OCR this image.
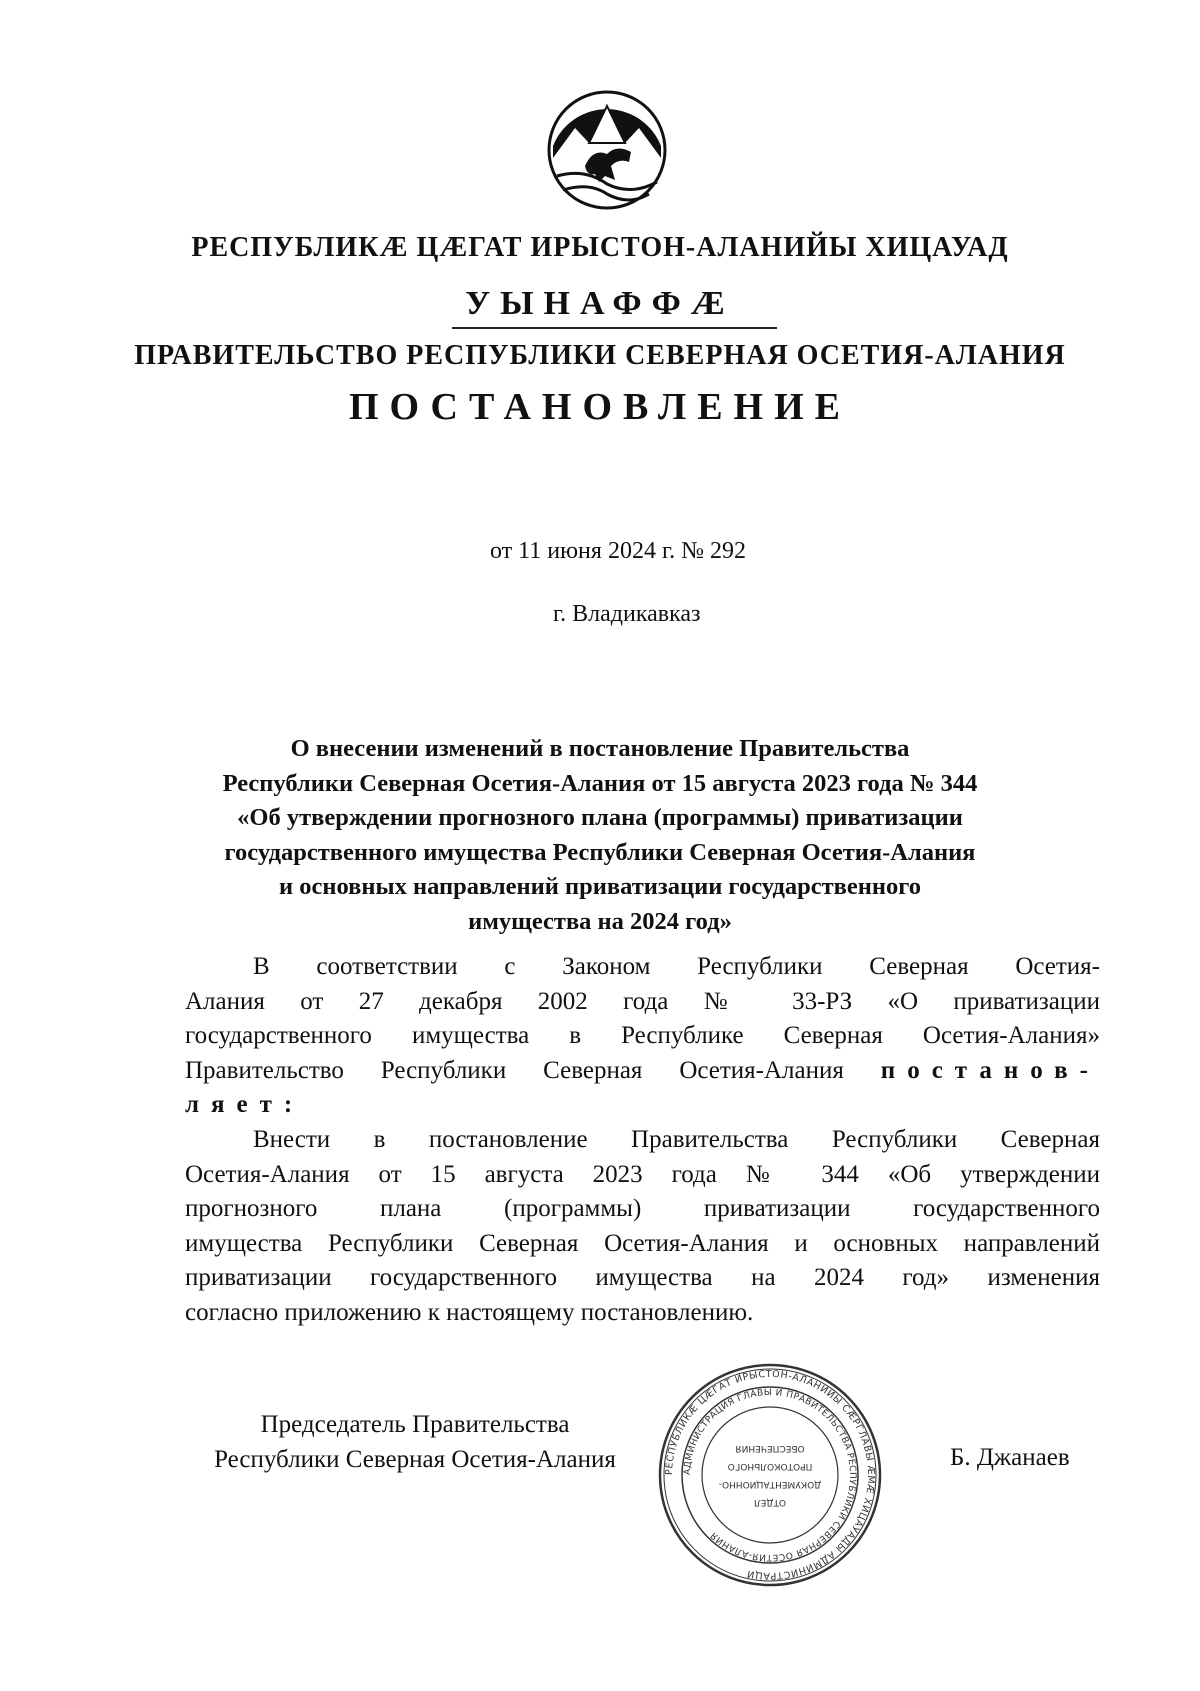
РЕСПУБЛИКӔ ЦӔГАТ ИРЫСТОН-АЛАНИЙЫ ХИЦАУАД
УЫНАФФӔ
ПРАВИТЕЛЬСТВО РЕСПУБЛИКИ СЕВЕРНАЯ ОСЕТИЯ-АЛАНИЯ
ПОСТАНОВЛЕНИЕ
от 11 июня 2024 г. № 292
г. Владикавказ
О внесении изменений в постановление Правительства
Республики Северная Осетия-Алания от 15 августа 2023 года № 344
«Об утверждении прогнозного плана (программы) приватизации
государственного имущества Республики Северная Осетия-Алания
и основных направлений приватизации государственного
имущества на 2024 год»
В соответствии с Законом Республики Северная Осетия-
Алания от 27 декабря 2002 года № 33-РЗ «О приватизации
государственного имущества в Республике Северная Осетия-Алания»
Правительство Республики Северная Осетия-Алания постанов-
ляет:
Внести в постановление Правительства Республики Северная
Осетия-Алания от 15 августа 2023 года № 344 «Об утверждении
прогнозного плана (программы) приватизации государственного
имущества Республики Северная Осетия-Алания и основных направлений
приватизации государственного имущества на 2024 год» изменения
согласно приложению к настоящему постановлению.
Председатель Правительства
Республики Северная Осетия-Алания	РЕСПУБЛИКӔ ЦӔГАТ ИРЫСТОН-АЛАНИЙЫ СӔРГЛАВЫ ӔМӔ ХИЦАУАДЫ АДМИНИСТРАЦИ
АДМИНИСТРАЦИЯ ГЛАВЫ И ПРАВИТЕЛЬСТВА РЕСПУБЛИКИ СЕВЕРНАЯ ОСЕТИЯ-АЛАНИЯ
ОТДЕЛ
ДОКУМЕНТАЦИОННО-
ПРОТОКОЛЬНОГО
ОБЕСПЕЧЕНИЯ	Б. Джанаев
